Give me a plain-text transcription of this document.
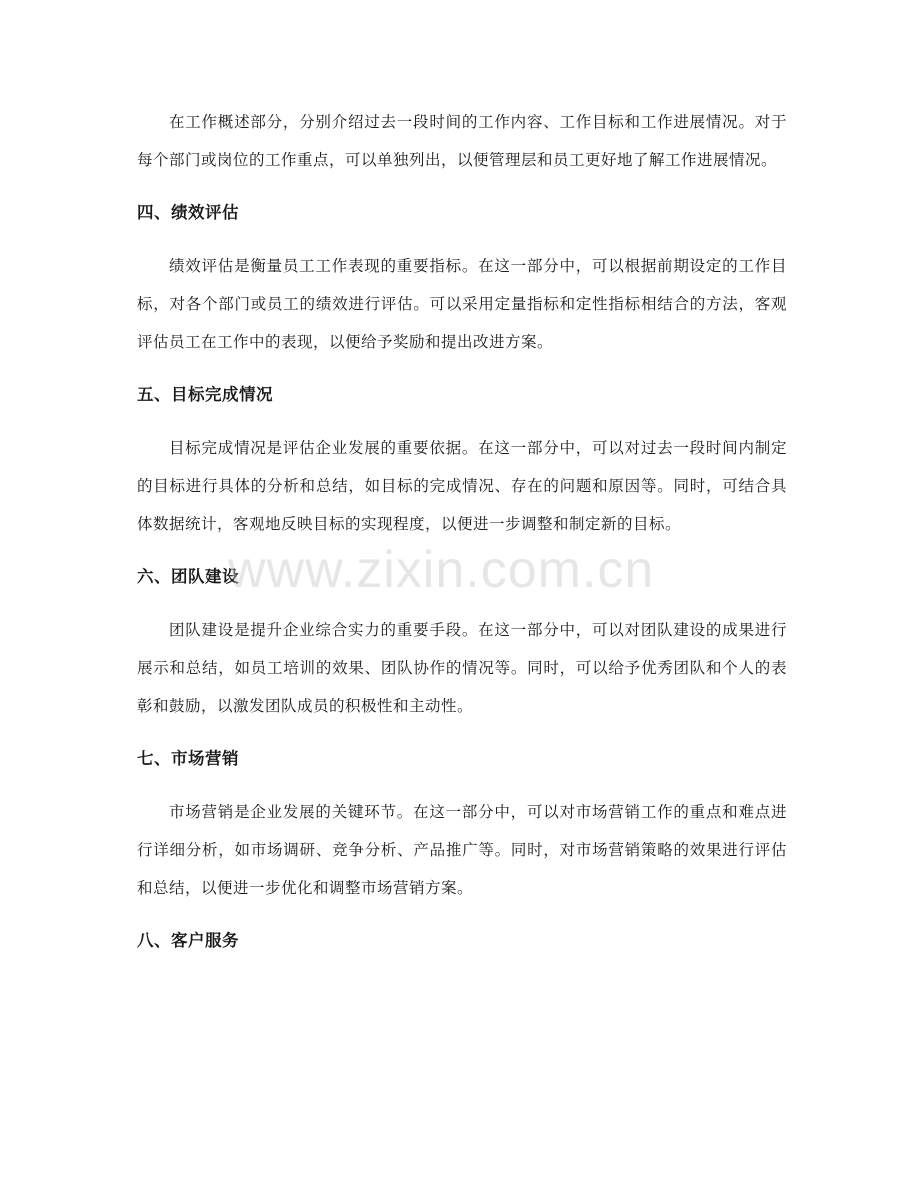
在工作概述部分，分别介绍过去一段时间的工作内容、工作目标和工作进展情况。对于每个部门或岗位的工作重点，可以单独列出，以便管理层和员工更好地了解工作进展情况。

四、绩效评估

绩效评估是衡量员工工作表现的重要指标。在这一部分中，可以根据前期设定的工作目标，对各个部门或员工的绩效进行评估。可以采用定量指标和定性指标相结合的方法，客观评估员工在工作中的表现，以便给予奖励和提出改进方案。

五、目标完成情况

目标完成情况是评估企业发展的重要依据。在这一部分中，可以对过去一段时间内制定的目标进行具体的分析和总结，如目标的完成情况、存在的问题和原因等。同时，可结合具体数据统计，客观地反映目标的实现程度，以便进一步调整和制定新的目标。

六、团队建设

团队建设是提升企业综合实力的重要手段。在这一部分中，可以对团队建设的成果进行展示和总结，如员工培训的效果、团队协作的情况等。同时，可以给予优秀团队和个人的表彰和鼓励，以激发团队成员的积极性和主动性。

七、市场营销

市场营销是企业发展的关键环节。在这一部分中，可以对市场营销工作的重点和难点进行详细分析，如市场调研、竞争分析、产品推广等。同时，对市场营销策略的效果进行评估和总结，以便进一步优化和调整市场营销方案。

八、客户服务
www.zixin.com.cn
